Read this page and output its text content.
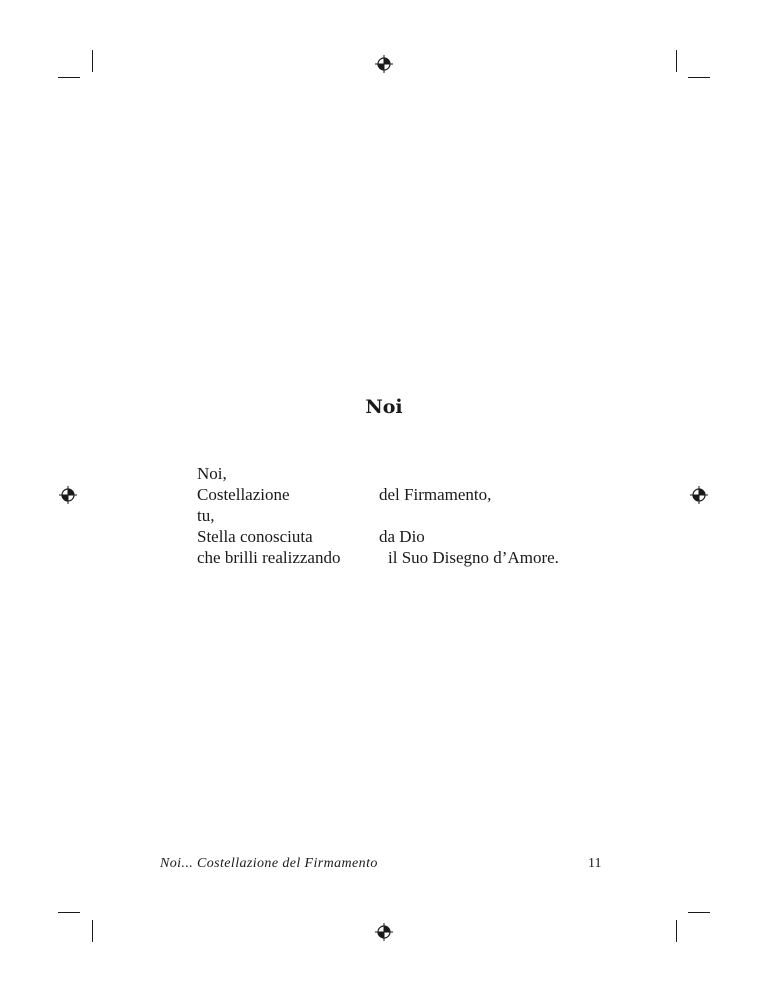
Noi
Noi,
Costellazione	del Firmamento,
tu,
Stella conosciuta	da Dio
che brilli realizzando	il Suo Disegno d’Amore.
Noi... Costellazione del Firmamento	11
